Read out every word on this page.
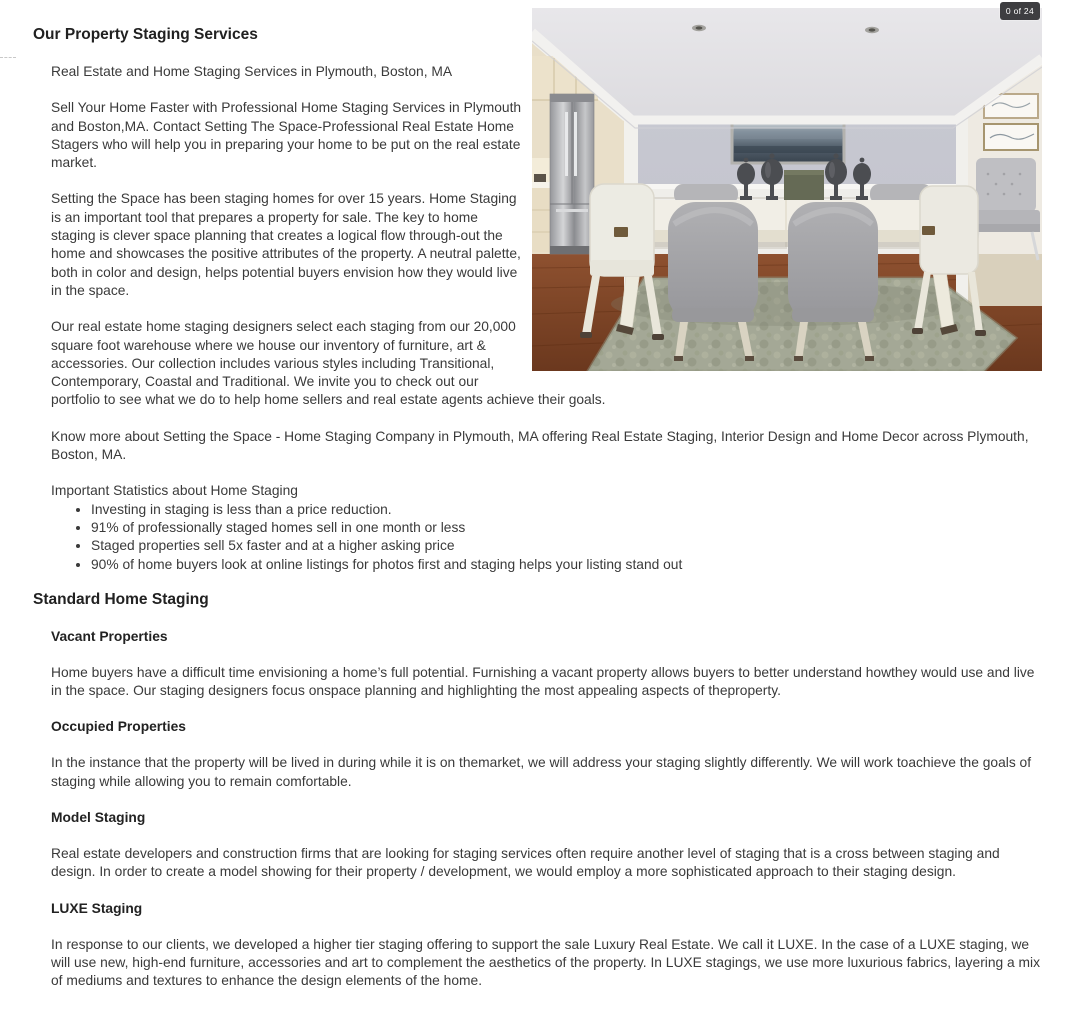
0 of 24
Our Property Staging Services

Real Estate and Home Staging Services in Plymouth, Boston, MA

Sell Your Home Faster with Professional Home Staging Services in Plymouth and Boston,MA. Contact Setting The Space-Professional Real Estate Home Stagers who will help you in preparing your home to be put on the real estate market.

Setting the Space has been staging homes for over 15 years. Home Staging is an important tool that prepares a property for sale. The key to home staging is clever space planning that creates a logical flow through-out the home and showcases the positive attributes of the property. A neutral palette, both in color and design, helps potential buyers envision how they would live in the space.

Our real estate home staging designers select each staging from our 20,000 square foot warehouse where we house our inventory of furniture, art & accessories. Our collection includes various styles including Transitional, Contemporary, Coastal and Traditional. We invite you to check out our portfolio to see what we do to help home sellers and real estate agents achieve their goals.

Know more about Setting the Space - Home Staging Company in Plymouth, MA offering Real Estate Staging, Interior Design and Home Decor across Plymouth, Boston, MA.

Important Statistics about Home Staging

• Investing in staging is less than a price reduction.
• 91% of professionally staged homes sell in one month or less
• Staged properties sell 5x faster and at a higher asking price
• 90% of home buyers look at online listings for photos first and staging helps your listing stand out
Standard Home Staging
Vacant Properties

Home buyers have a difficult time envisioning a home’s full potential. Furnishing a vacant property allows buyers to better understand howthey would use and live in the space. Our staging designers focus onspace planning and highlighting the most appealing aspects of theproperty.

Occupied Properties

In the instance that the property will be lived in during while it is on themarket, we will address your staging slightly differently. We will work toachieve the goals of staging while allowing you to remain comfortable.

Model Staging

Real estate developers and construction firms that are looking for staging services often require another level of staging that is a cross between staging and design. In order to create a model showing for their property / development, we would employ a more sophisticated approach to their staging design.

LUXE Staging

In response to our clients, we developed a higher tier staging offering to support the sale Luxury Real Estate. We call it LUXE. In the case of a LUXE staging, we will use new, high-end furniture, accessories and art to complement the aesthetics of the property. In LUXE stagings, we use more luxurious fabrics, layering a mix of mediums and textures to enhance the design elements of the home.
